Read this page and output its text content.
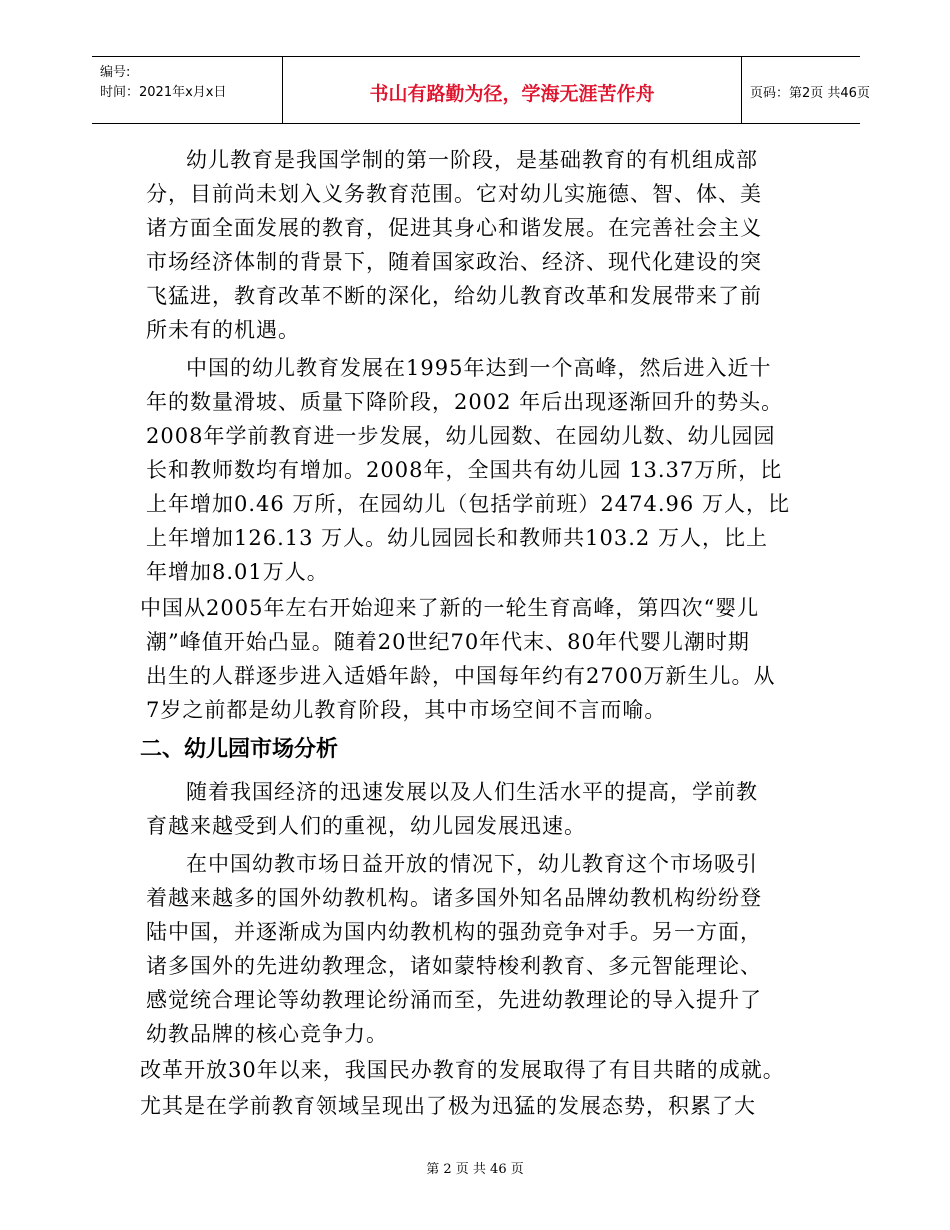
编号:
时间：2021年x月x日	书山有路勤为径，学海无涯苦作舟	页码：第2页 共46页
幼儿教育是我国学制的第一阶段，是基础教育的有机组成部
分，目前尚未划入义务教育范围。它对幼儿实施德、智、体、美
诸方面全面发展的教育，促进其身心和谐发展。在完善社会主义
市场经济体制的背景下，随着国家政治、经济、现代化建设的突
飞猛进，教育改革不断的深化，给幼儿教育改革和发展带来了前
所未有的机遇。
中国的幼儿教育发展在1995年达到一个高峰，然后进入近十
年的数量滑坡、质量下降阶段，2002 年后出现逐渐回升的势头。
2008年学前教育进一步发展，幼儿园数、在园幼儿数、幼儿园园
长和教师数均有增加。2008年，全国共有幼儿园 13.37万所，比
上年增加0.46 万所，在园幼儿（包括学前班）2474.96 万人，比
上年增加126.13 万人。幼儿园园长和教师共103.2 万人，比上
年增加8.01万人。
中国从2005年左右开始迎来了新的一轮生育高峰，第四次“婴儿
潮”峰值开始凸显。随着20世纪70年代末、80年代婴儿潮时期
出生的人群逐步进入适婚年龄，中国每年约有2700万新生儿。从
7岁之前都是幼儿教育阶段，其中市场空间不言而喻。
二、幼儿园市场分析
随着我国经济的迅速发展以及人们生活水平的提高，学前教
育越来越受到人们的重视，幼儿园发展迅速。
在中国幼教市场日益开放的情况下，幼儿教育这个市场吸引
着越来越多的国外幼教机构。诸多国外知名品牌幼教机构纷纷登
陆中国，并逐渐成为国内幼教机构的强劲竞争对手。另一方面，
诸多国外的先进幼教理念，诸如蒙特梭利教育、多元智能理论、
感觉统合理论等幼教理论纷涌而至，先进幼教理论的导入提升了
幼教品牌的核心竞争力。
改革开放30年以来，我国民办教育的发展取得了有目共睹的成就。
尤其是在学前教育领域呈现出了极为迅猛的发展态势，积累了大
第 2 页 共 46 页
